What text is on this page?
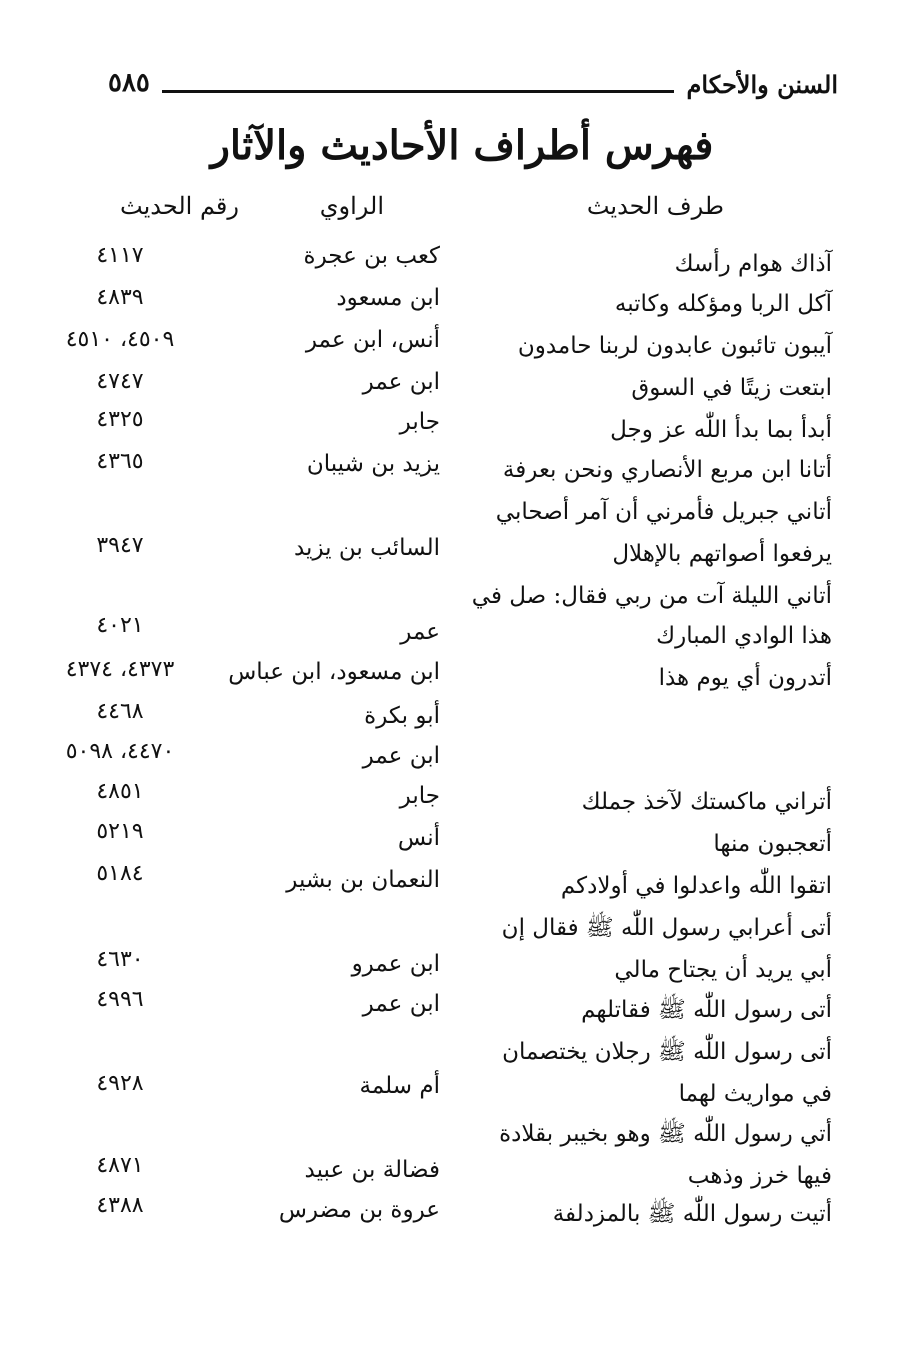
السنن والأحكام
٥٨٥
فهرس أطراف الأحاديث والآثار
طرف الحديث
الراوي
رقم الحديث
آذاك هوام رأسك
كعب بن عجرة
٤١١٧
آكل الربا ومؤكله وكاتبه
ابن مسعود
٤٨٣٩
آيبون تائبون عابدون لربنا حامدون
أنس، ابن عمر
٤٥٠٩، ٤٥١٠
ابتعت زيتًا في السوق
ابن عمر
٤٧٤٧
أبدأ بما بدأ اللّٰه عز وجل
جابر
٤٣٢٥
أتانا ابن مربع الأنصاري ونحن بعرفة
يزيد بن شيبان
٤٣٦٥
أتاني جبريل فأمرني أن آمر أصحابي
يرفعوا أصواتهم بالإهلال
السائب بن يزيد
٣٩٤٧
أتاني الليلة آت من ربي فقال: صل في
هذا الوادي المبارك
عمر
٤٠٢١
أتدرون أي يوم هذا
ابن مسعود، ابن عباس
٤٣٧٣، ٤٣٧٤
أبو بكرة
٤٤٦٨
ابن عمر
٤٤٧٠، ٥٠٩٨
أتراني ماكستك لآخذ جملك
جابر
٤٨٥١
أتعجبون منها
أنس
٥٢١٩
اتقوا اللّٰه واعدلوا في أولادكم
النعمان بن بشير
٥١٨٤
أتى أعرابي رسول اللّٰه ﷺ فقال إن
أبي يريد أن يجتاح مالي
ابن عمرو
٤٦٣٠
أتى رسول اللّٰه ﷺ فقاتلهم
ابن عمر
٤٩٩٦
أتى رسول اللّٰه ﷺ رجلان يختصمان
في مواريث لهما
أم سلمة
٤٩٢٨
أتي رسول اللّٰه ﷺ وهو بخيبر بقلادة
فيها خرز وذهب
فضالة بن عبيد
٤٨٧١
أتيت رسول اللّٰه ﷺ بالمزدلفة
عروة بن مضرس
٤٣٨٨
